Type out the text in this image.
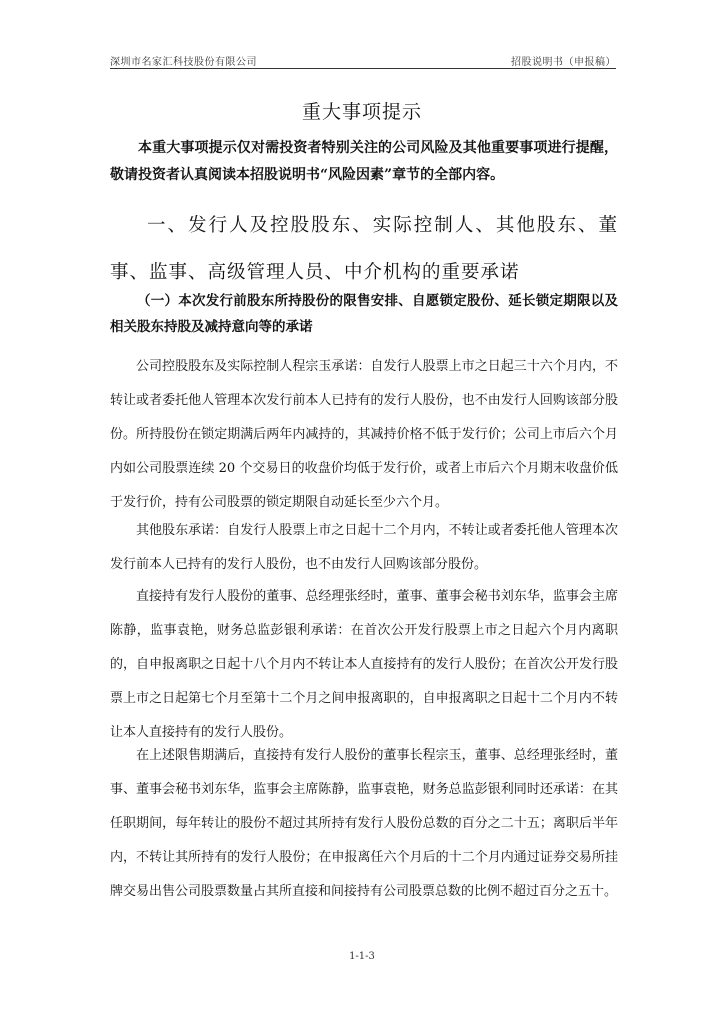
深圳市名家汇科技股份有限公司	招股说明书（申报稿）
重大事项提示

本重大事项提示仅对需投资者特别关注的公司风险及其他重要事项进行提醒，敬请投资者认真阅读本招股说明书“风险因素”章节的全部内容。

一、发行人及控股股东、实际控制人、其他股东、董事、监事、高级管理人员、中介机构的重要承诺

（一）本次发行前股东所持股份的限售安排、自愿锁定股份、延长锁定期限以及相关股东持股及减持意向等的承诺

公司控股股东及实际控制人程宗玉承诺：自发行人股票上市之日起三十六个月内，不转让或者委托他人管理本次发行前本人已持有的发行人股份，也不由发行人回购该部分股份。所持股份在锁定期满后两年内减持的，其减持价格不低于发行价；公司上市后六个月内如公司股票连续 20 个交易日的收盘价均低于发行价，或者上市后六个月期末收盘价低于发行价，持有公司股票的锁定期限自动延长至少六个月。

其他股东承诺：自发行人股票上市之日起十二个月内，不转让或者委托他人管理本次发行前本人已持有的发行人股份，也不由发行人回购该部分股份。

直接持有发行人股份的董事、总经理张经时，董事、董事会秘书刘东华，监事会主席陈静，监事袁艳，财务总监彭银利承诺：在首次公开发行股票上市之日起六个月内离职的，自申报离职之日起十八个月内不转让本人直接持有的发行人股份；在首次公开发行股票上市之日起第七个月至第十二个月之间申报离职的，自申报离职之日起十二个月内不转让本人直接持有的发行人股份。

在上述限售期满后，直接持有发行人股份的董事长程宗玉，董事、总经理张经时，董事、董事会秘书刘东华，监事会主席陈静，监事袁艳，财务总监彭银利同时还承诺：在其任职期间，每年转让的股份不超过其所持有发行人股份总数的百分之二十五；离职后半年内，不转让其所持有的发行人股份；在申报离任六个月后的十二个月内通过证券交易所挂牌交易出售公司股票数量占其所直接和间接持有公司股票总数的比例不超过百分之五十。

1-1-3
